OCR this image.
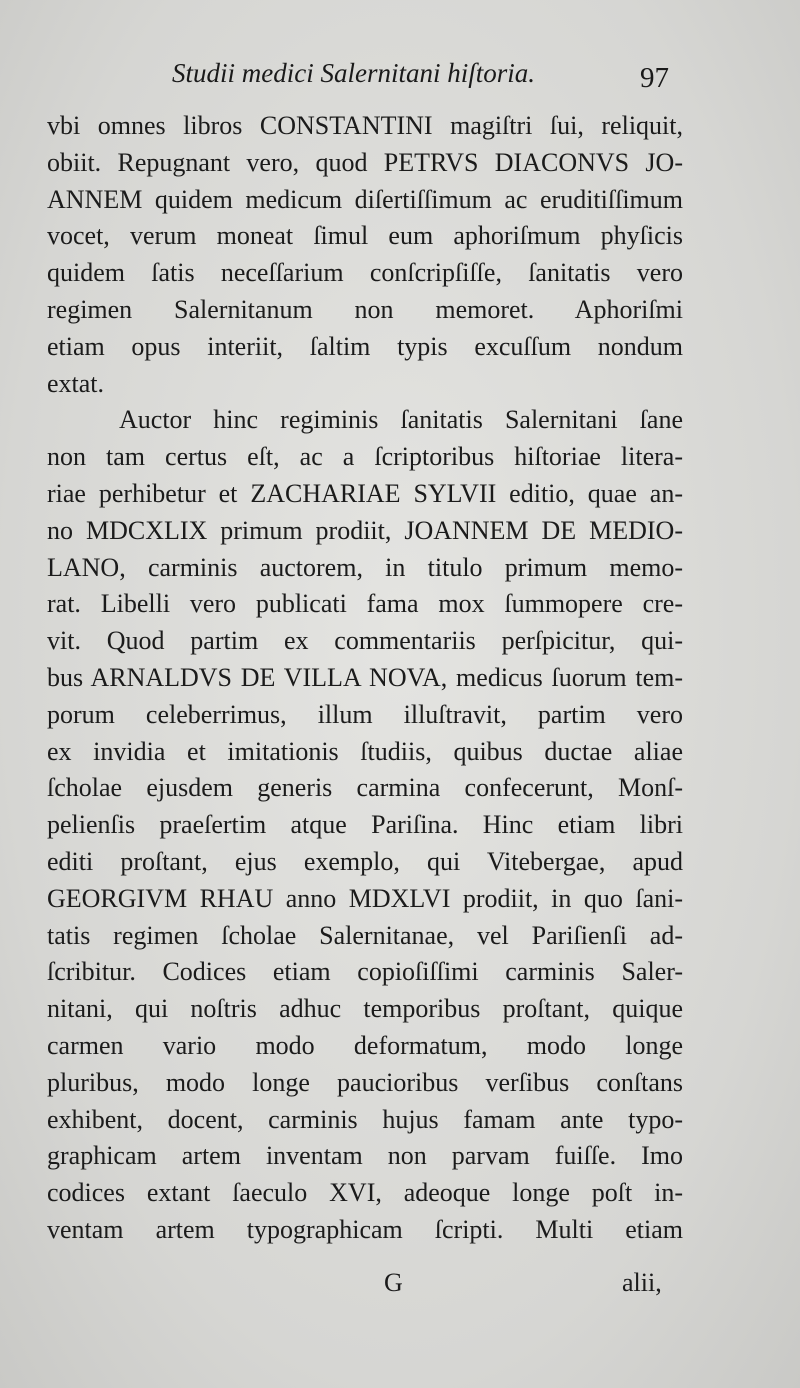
Studii medici Salernitani hiſtoria.	97
vbi omnes libros CONSTANTINI magiſtri ſui, reliquit,
obiit. Repugnant vero, quod PETRVS DIACONVS JO-
ANNEM quidem medicum diſertiſſimum ac eruditiſſimum
vocet, verum moneat ſimul eum aphoriſmum phyſicis
quidem ſatis neceſſarium conſcripſiſſe, ſanitatis vero
regimen Salernitanum non memoret. Aphoriſmi
etiam opus interiit, ſaltim typis excuſſum nondum
extat.
Auctor hinc regiminis ſanitatis Salernitani ſane
non tam certus eſt, ac a ſcriptoribus hiſtoriae litera-
riae perhibetur et ZACHARIAE SYLVII editio, quae an-
no MDCXLIX primum prodiit, JOANNEM DE MEDIO-
LANO, carminis auctorem, in titulo primum memo-
rat. Libelli vero publicati fama mox ſummopere cre-
vit. Quod partim ex commentariis perſpicitur, qui-
bus ARNALDVS DE VILLA NOVA, medicus ſuorum tem-
porum celeberrimus, illum illuſtravit, partim vero
ex invidia et imitationis ſtudiis, quibus ductae aliae
ſcholae ejusdem generis carmina confecerunt, Monſ-
pelienſis praeſertim atque Pariſina. Hinc etiam libri
editi proſtant, ejus exemplo, qui Vitebergae, apud
GEORGIVM RHAU anno MDXLVI prodiit, in quo ſani-
tatis regimen ſcholae Salernitanae, vel Pariſienſi ad-
ſcribitur. Codices etiam copioſiſſimi carminis Saler-
nitani, qui noſtris adhuc temporibus proſtant, quique
carmen vario modo deformatum, modo longe
pluribus, modo longe paucioribus verſibus conſtans
exhibent, docent, carminis hujus famam ante typo-
graphicam artem inventam non parvam fuiſſe. Imo
codices extant ſaeculo XVI, adeoque longe poſt in-
ventam artem typographicam ſcripti. Multi etiam
G	alii,
